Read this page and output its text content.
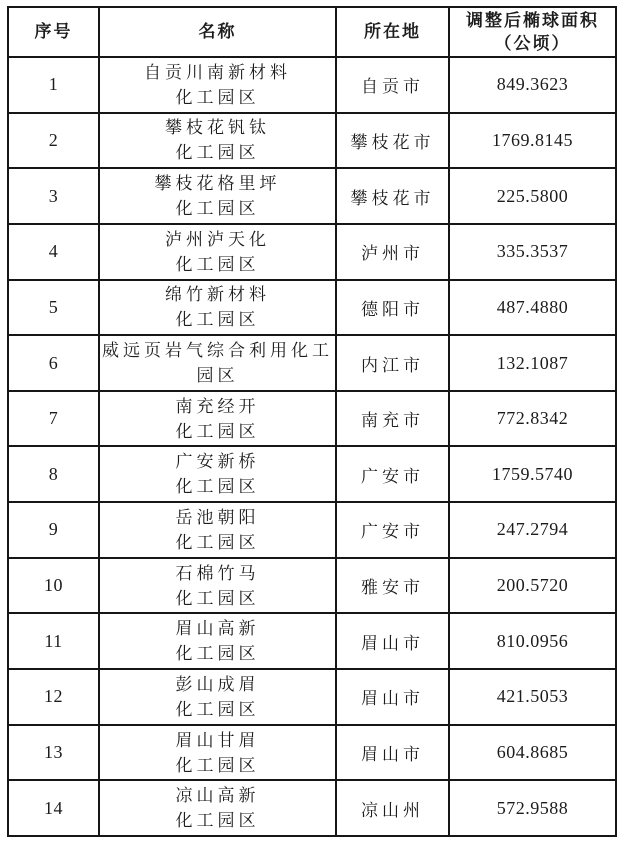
序号	名称	所在地	调整后椭球面积
（公顷）

1	自贡川南新材料
化工园区	自贡市	849.3623
2	攀枝花钒钛
化工园区	攀枝花市	1769.8145
3	攀枝花格里坪
化工园区	攀枝花市	225.5800
4	泸州泸天化
化工园区	泸州市	335.3537
5	绵竹新材料
化工园区	德阳市	487.4880
6	威远页岩气综合利用化工
园区	内江市	132.1087
7	南充经开
化工园区	南充市	772.8342
8	广安新桥
化工园区	广安市	1759.5740
9	岳池朝阳
化工园区	广安市	247.2794
10	石棉竹马
化工园区	雅安市	200.5720
11	眉山高新
化工园区	眉山市	810.0956
12	彭山成眉
化工园区	眉山市	421.5053
13	眉山甘眉
化工园区	眉山市	604.8685
14	凉山高新
化工园区	凉山州	572.9588
